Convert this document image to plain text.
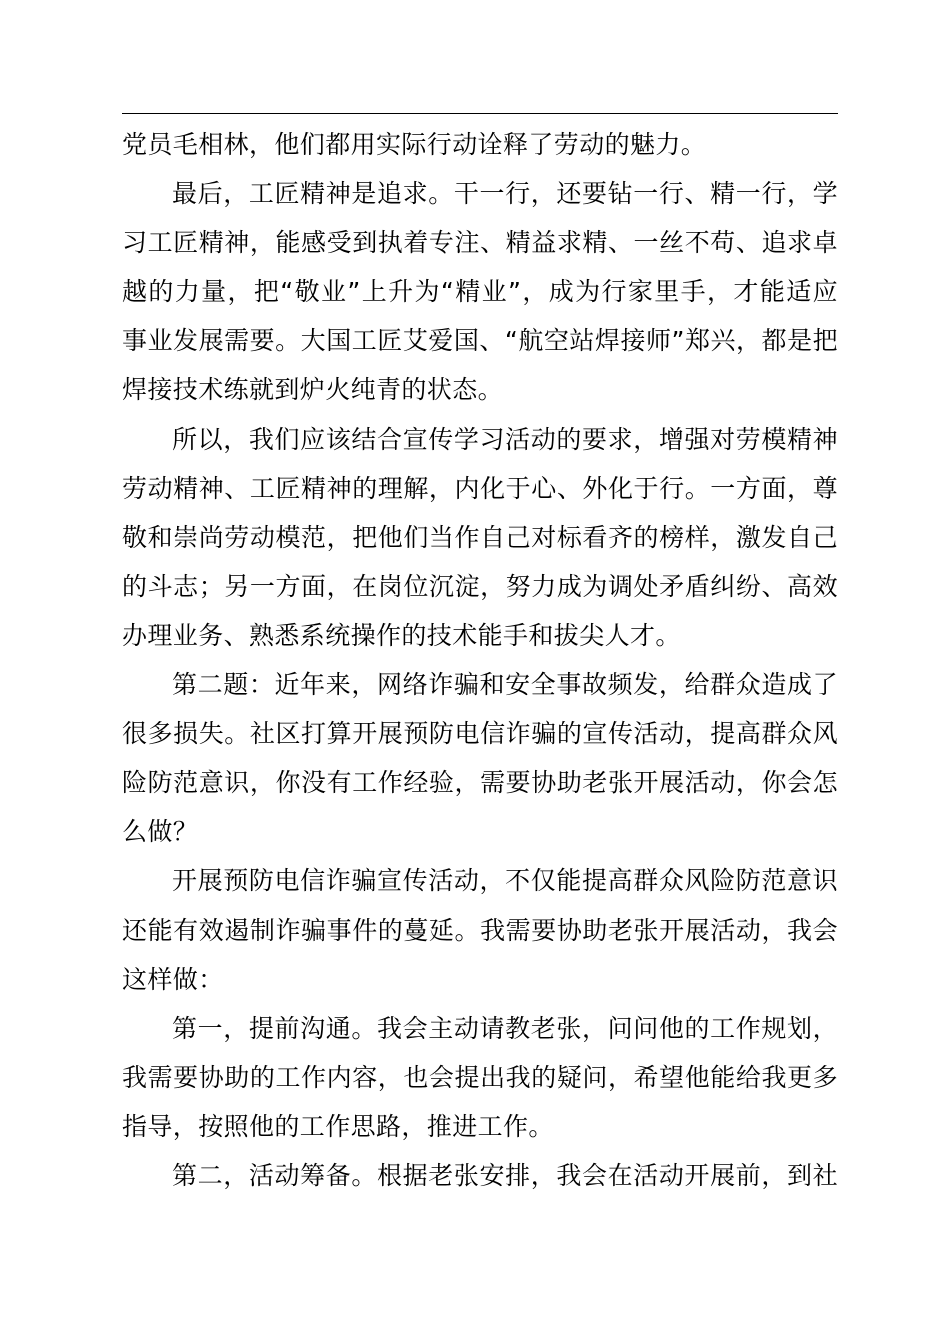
党员毛相林，他们都用实际行动诠释了劳动的魅力。
最后，工匠精神是追求。干一行，还要钻一行、精一行，学
习工匠精神，能感受到执着专注、精益求精、一丝不苟、追求卓
越的力量，把“敬业”上升为“精业”，成为行家里手，才能适应
事业发展需要。大国工匠艾爱国、“航空站焊接师”郑兴，都是把
焊接技术练就到炉火纯青的状态。
所以，我们应该结合宣传学习活动的要求，增强对劳模精神
劳动精神、工匠精神的理解，内化于心、外化于行。一方面，尊
敬和崇尚劳动模范，把他们当作自己对标看齐的榜样，激发自己
的斗志；另一方面，在岗位沉淀，努力成为调处矛盾纠纷、高效
办理业务、熟悉系统操作的技术能手和拔尖人才。
第二题：近年来，网络诈骗和安全事故频发，给群众造成了
很多损失。社区打算开展预防电信诈骗的宣传活动，提高群众风
险防范意识，你没有工作经验，需要协助老张开展活动，你会怎
么做？
开展预防电信诈骗宣传活动，不仅能提高群众风险防范意识
还能有效遏制诈骗事件的蔓延。我需要协助老张开展活动，我会
这样做：
第一，提前沟通。我会主动请教老张，问问他的工作规划，
我需要协助的工作内容，也会提出我的疑问，希望他能给我更多
指导，按照他的工作思路，推进工作。
第二，活动筹备。根据老张安排，我会在活动开展前，到社
